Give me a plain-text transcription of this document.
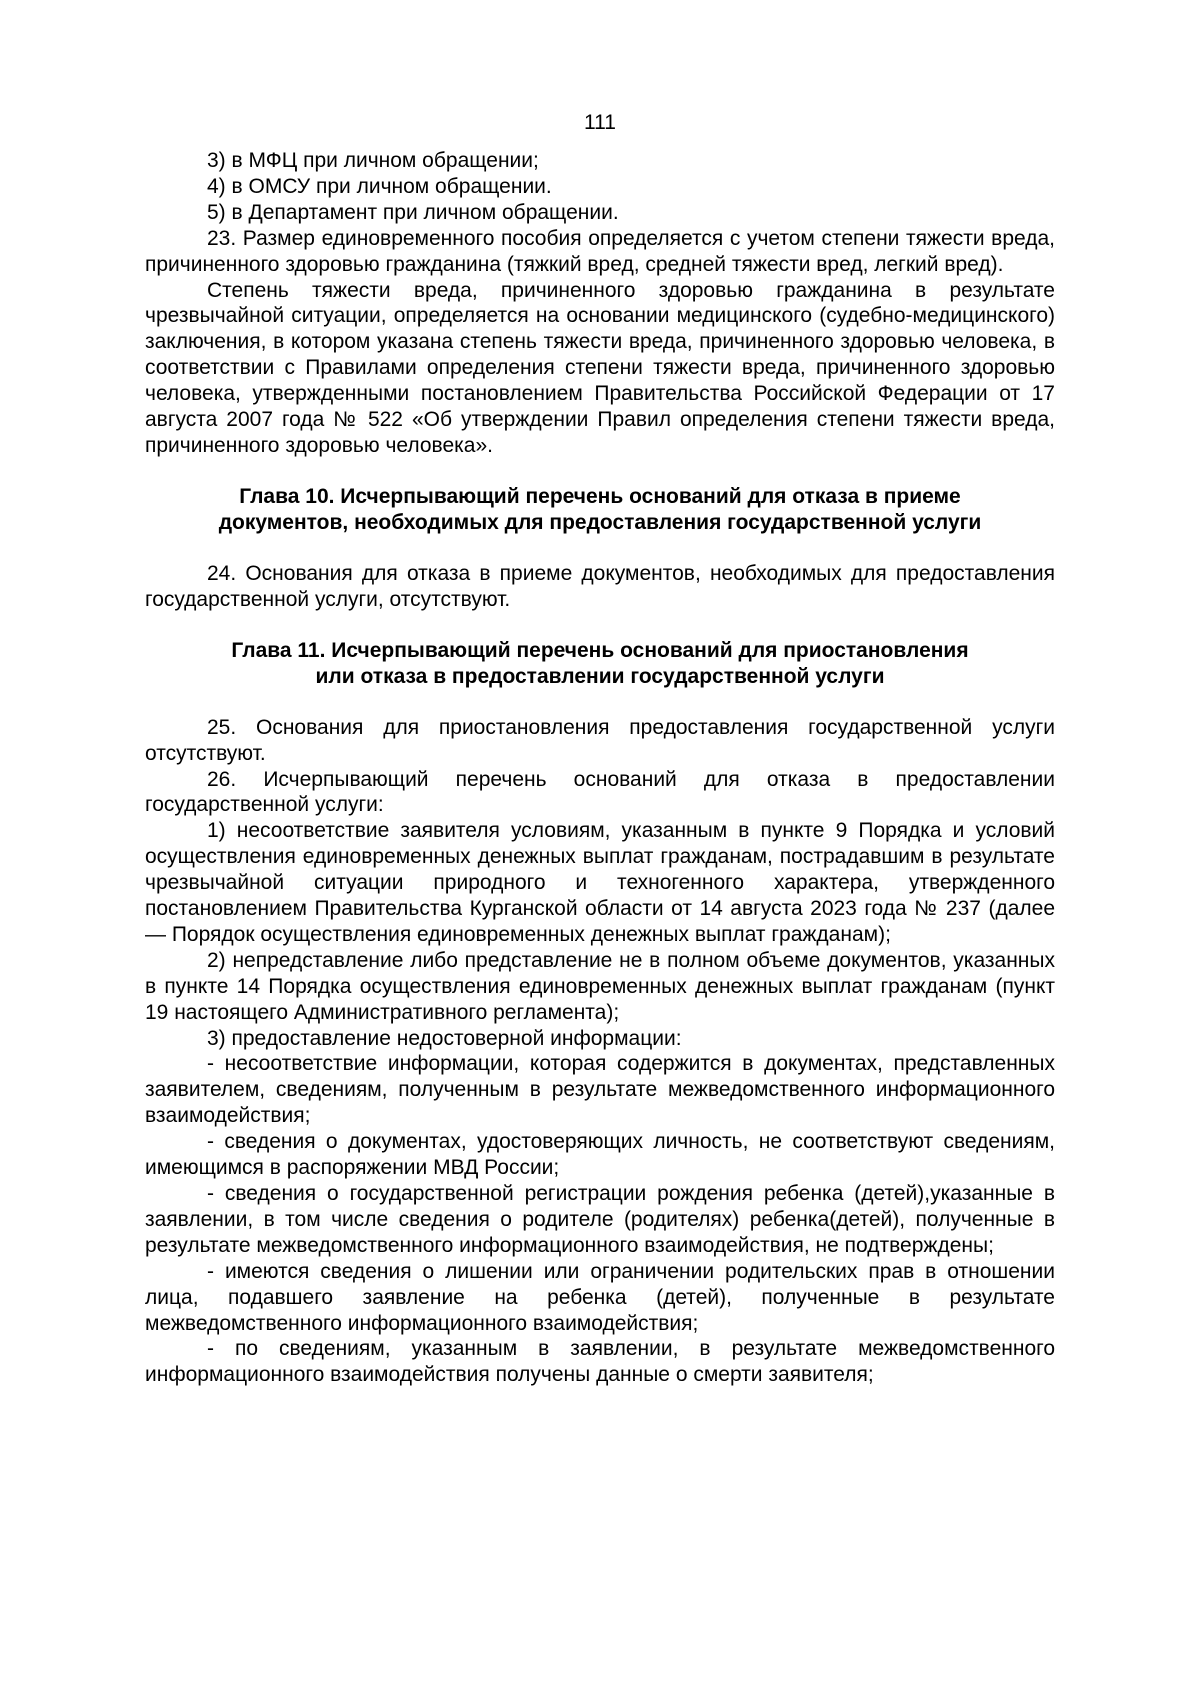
111

3) в МФЦ при личном обращении;

4) в ОМСУ при личном обращении.

5) в Департамент при личном обращении.

23. Размер единовременного пособия определяется с учетом степени тяжести вреда, причиненного здоровью гражданина (тяжкий вред, средней тяжести вред, легкий вред).

Степень тяжести вреда, причиненного здоровью гражданина в результате чрезвычайной ситуации, определяется на основании медицинского (судебно-медицинского) заключения, в котором указана степень тяжести вреда, причиненного здоровью человека, в соответствии с Правилами определения степени тяжести вреда, причиненного здоровью человека, утвержденными постановлением Правительства Российской Федерации от 17 августа 2007 года № 522 «Об утверждении Правил определения степени тяжести вреда, причиненного здоровью человека».

Глава 10. Исчерпывающий перечень оснований для отказа в приеме

документов, необходимых для предоставления государственной услуги

24. Основания для отказа в приеме документов, необходимых для предоставления государственной услуги, отсутствуют.

Глава 11. Исчерпывающий перечень оснований для приостановления

или отказа в предоставлении государственной услуги

25. Основания для приостановления предоставления государственной услуги отсутствуют.

26. Исчерпывающий перечень оснований для отказа в предоставлении государственной услуги:

1) несоответствие заявителя условиям, указанным в пункте 9 Порядка и условий осуществления единовременных денежных выплат гражданам, пострадавшим в результате чрезвычайной ситуации природного и техногенного характера, утвержденного постановлением Правительства Курганской области от 14 августа 2023 года № 237 (далее — Порядок осуществления единовременных денежных выплат гражданам);

2) непредставление либо представление не в полном объеме документов, указанных в пункте 14 Порядка осуществления единовременных денежных выплат гражданам (пункт 19 настоящего Административного регламента);

3) предоставление недостоверной информации:

- несоответствие информации, которая содержится в документах, представленных заявителем, сведениям, полученным в результате межведомственного информационного взаимодействия;

- сведения о документах, удостоверяющих личность, не соответствуют сведениям, имеющимся в распоряжении МВД России;

- сведения о государственной регистрации рождения ребенка (детей),указанные в заявлении, в том числе сведения о родителе (родителях) ребенка(детей), полученные в результате межведомственного информационного взаимодействия, не подтверждены;

- имеются сведения о лишении или ограничении родительских прав в отношении лица, подавшего заявление на ребенка (детей), полученные в результате межведомственного информационного взаимодействия;

- по сведениям, указанным в заявлении, в результате межведомственного информационного взаимодействия получены данные о смерти заявителя;
